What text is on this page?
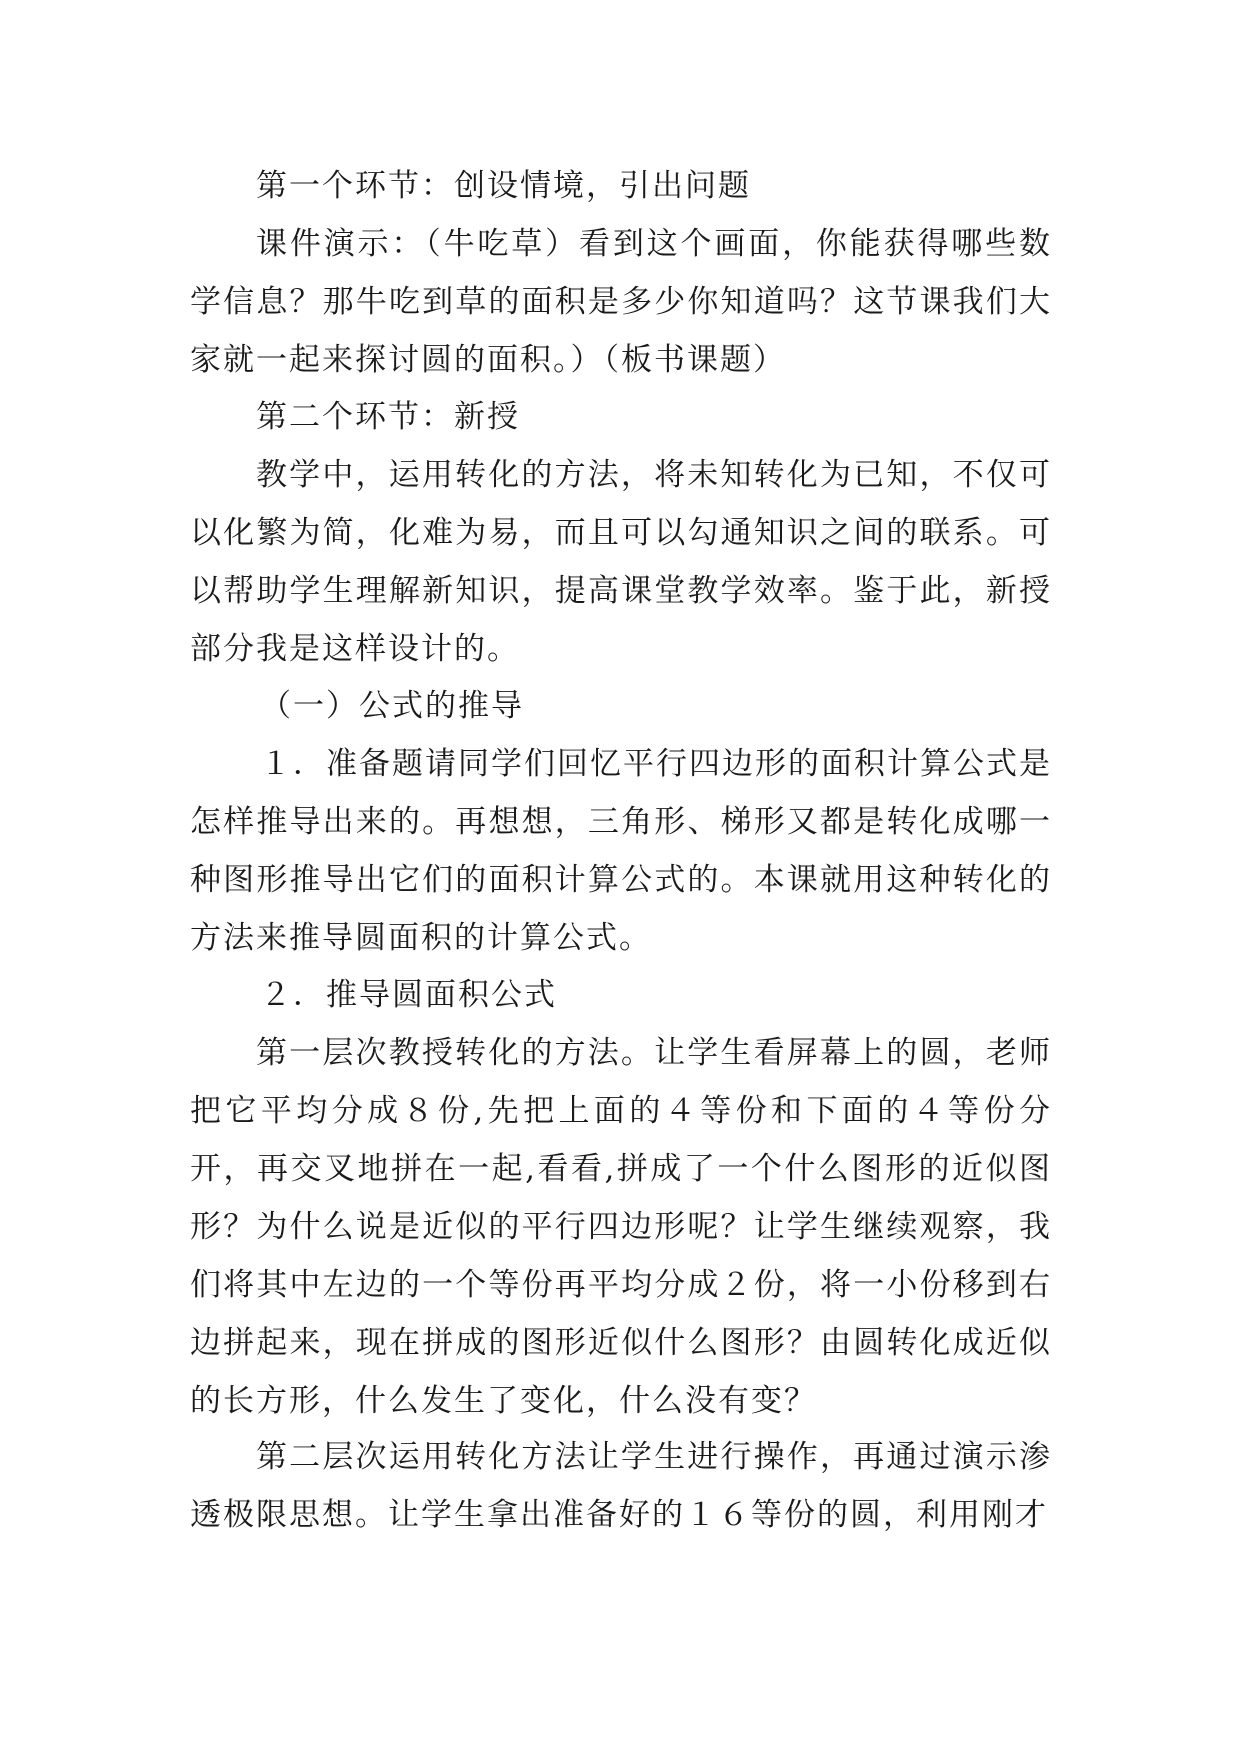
第一个环节：创设情境，引出问题

课件演示：（牛吃草）看到这个画面，你能获得哪些数学信息？那牛吃到草的面积是多少你知道吗？这节课我们大家就一起来探讨圆的面积。）（板书课题）

第二个环节：新授

教学中，运用转化的方法，将未知转化为已知，不仅可以化繁为简，化难为易，而且可以勾通知识之间的联系。可以帮助学生理解新知识，提高课堂教学效率。鉴于此，新授部分我是这样设计的。

（一）公式的推导

１．准备题请同学们回忆平行四边形的面积计算公式是怎样推导出来的。再想想，三角形、梯形又都是转化成哪一种图形推导出它们的面积计算公式的。本课就用这种转化的方法来推导圆面积的计算公式。

２．推导圆面积公式

第一层次教授转化的方法。让学生看屏幕上的圆，老师把它平均分成８份,先把上面的４等份和下面的４等份分开，再交叉地拼在一起,看看,拼成了一个什么图形的近似图形？为什么说是近似的平行四边形呢？让学生继续观察，我们将其中左边的一个等份再平均分成２份，将一小份移到右边拼起来，现在拼成的图形近似什么图形？由圆转化成近似的长方形，什么发生了变化，什么没有变？

第二层次运用转化方法让学生进行操作，再通过演示渗透极限思想。让学生拿出准备好的１６等份的圆，利用刚才
